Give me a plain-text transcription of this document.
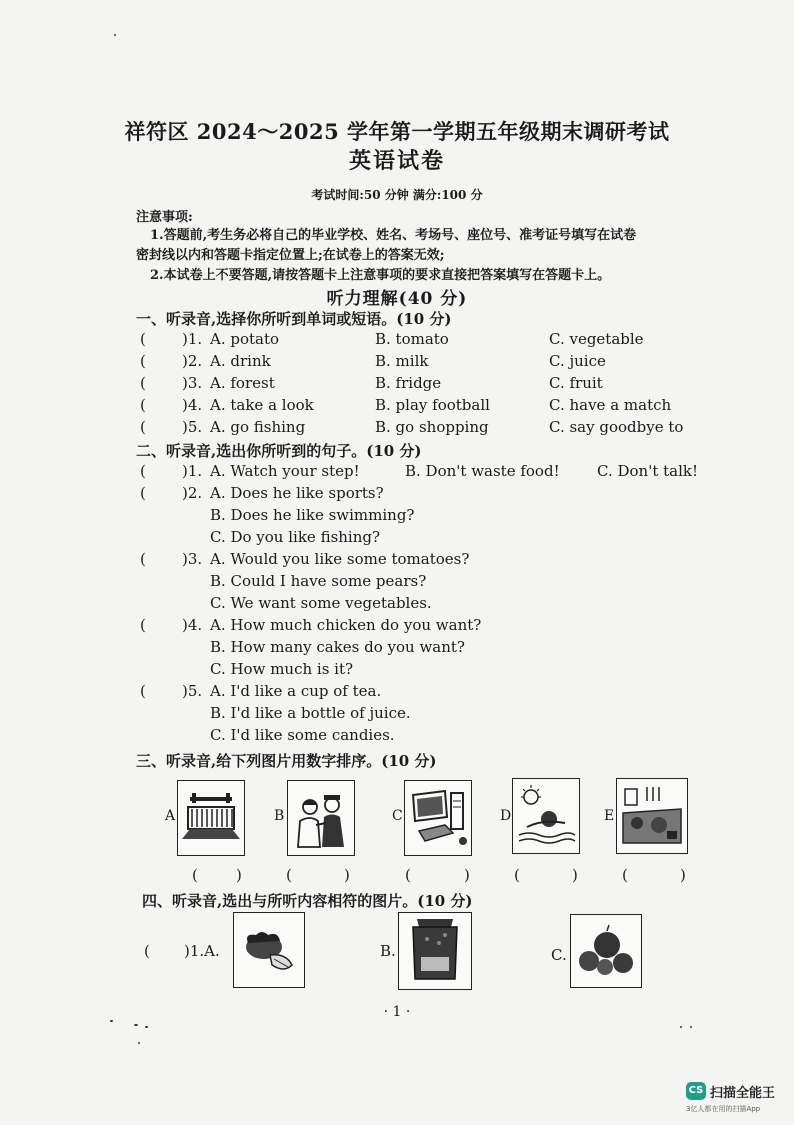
祥符区 2024～2025 学年第一学期五年级期末调研考试
英语试卷
考试时间:50 分钟 满分:100 分
注意事项:
1.答题前,考生务必将自己的毕业学校、姓名、考场号、座位号、准考证号填写在试卷
密封线以内和答题卡指定位置上;在试卷上的答案无效;
2.本试卷上不要答题,请按答题卡上注意事项的要求直接把答案填写在答题卡上。
听力理解(40 分)
一、听录音,选择你所听到单词或短语。(10 分)
( )1. A. potato	B. tomato	C. vegetable
( )2. A. drink	B. milk	C. juice
( )3. A. forest	B. fridge	C. fruit
( )4. A. take a look	B. play football	C. have a match
( )5. A. go fishing	B. go shopping	C. say goodbye to
二、听录音,选出你所听到的句子。(10 分)
( )1. A. Watch your step!	B. Don't waste food! C. Don't talk!
( )2. A. Does he like sports?
B. Does he like swimming?
C. Do you like fishing?
( )3. A. Would you like some tomatoes?
B. Could I have some pears?
C. We want some vegetables.
( )4. A. How much chicken do you want?
B. How many cakes do you want?
C. How much is it?
( )5. A. I'd like a cup of tea.
B. I'd like a bottle of juice.
C. I'd like some candies.
三、听录音,给下列图片用数字排序。(10 分)
A	B	C	D	E
(	)	(	)	(	)	(	)	(	)
四、听录音,选出与所听内容相符的图片。(10 分)
( )1.A.	B.	C.
· 1 ·
CS 扫描全能王
3亿人都在用的扫描App
